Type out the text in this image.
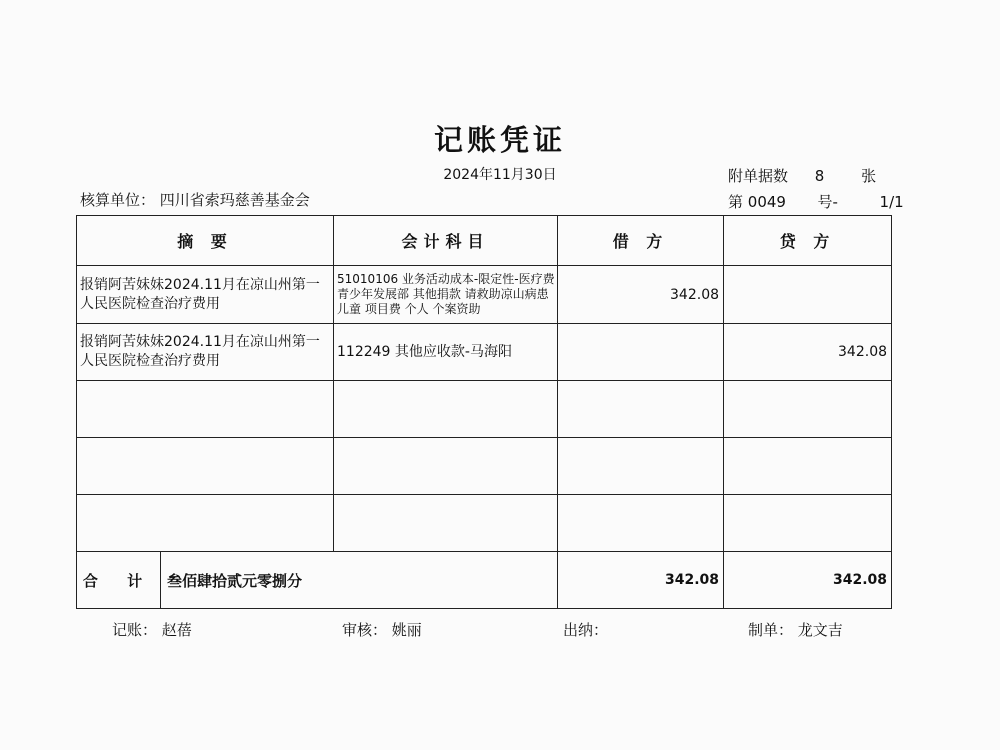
记账凭证
2024年11月30日
核算单位： 四川省索玛慈善基金会
附单据数 8 张
第 0049 号-	1/1
摘 要		会计科目	借 方	贷 方
报销阿苦妹妹2024.11月在凉山州第一人民医院检查治疗费用		51010106 业务活动成本-限定性-医疗费 青少年发展部 其他捐款 请救助凉山病患儿童 项目费 个人 个案资助	342.08	
报销阿苦妹妹2024.11月在凉山州第一人民医院检查治疗费用		112249 其他应收款-马海阳		342.08

合 计	叁佰肆拾贰元零捌分		342.08	342.08
记账： 赵蓓	审核： 姚丽	出纳：	制单： 龙文吉
